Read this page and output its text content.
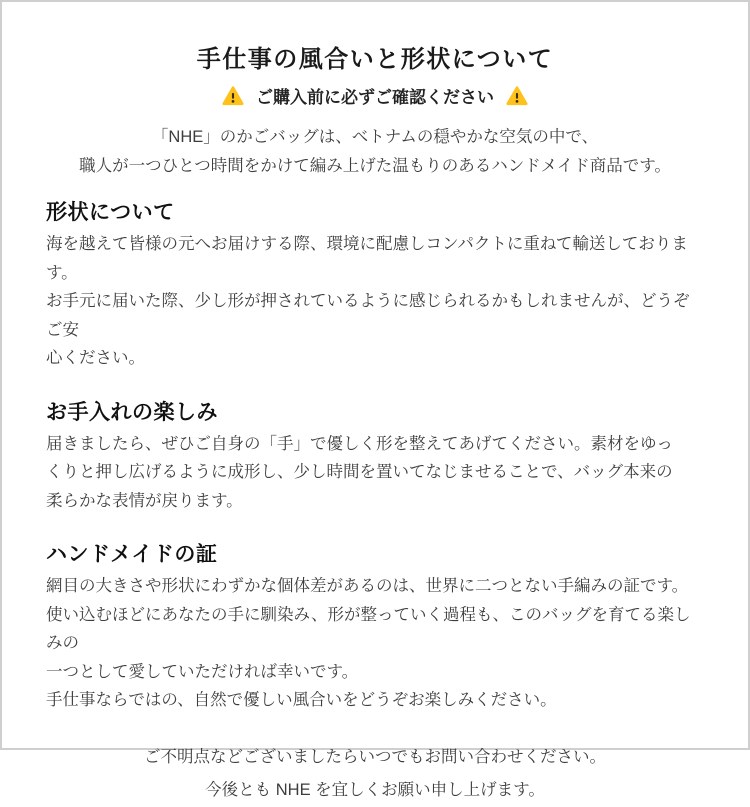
手仕事の風合いと形状について
ご購入前に必ずご確認ください
「NHE」のかごバッグは、ベトナムの穏やかな空気の中で、
職人が一つひとつ時間をかけて編み上げた温もりのあるハンドメイド商品です。
形状について
海を越えて皆様の元へお届けする際、環境に配慮しコンパクトに重ねて輸送しております。
お手元に届いた際、少し形が押されているように感じられるかもしれませんが、どうぞご安
心ください。
お手入れの楽しみ
届きましたら、ぜひご自身の「手」で優しく形を整えてあげてください。素材をゆっ
くりと押し広げるように成形し、少し時間を置いてなじませることで、バッグ本来の
柔らかな表情が戻ります。
ハンドメイドの証
網目の大きさや形状にわずかな個体差があるのは、世界に二つとない手編みの証です。
使い込むほどにあなたの手に馴染み、形が整っていく過程も、このバッグを育てる楽しみの
一つとして愛していただければ幸いです。
手仕事ならではの、自然で優しい風合いをどうぞお楽しみください。
ご不明点などございましたらいつでもお問い合わせください。
今後とも NHE を宜しくお願い申し上げます。
